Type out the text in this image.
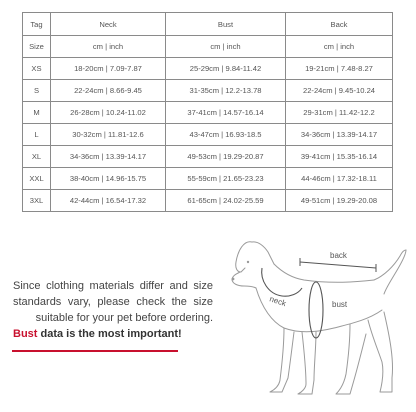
Tag	Neck	Bust	Back
Size	cm | inch	cm | inch	cm | inch
XS	18-20cm | 7.09-7.87	25-29cm | 9.84-11.42	19-21cm | 7.48-8.27
S	22-24cm | 8.66-9.45	31-35cm | 12.2-13.78	22-24cm | 9.45-10.24
M	26-28cm | 10.24-11.02	37-41cm | 14.57-16.14	29-31cm | 11.42-12.2
L	30-32cm | 11.81-12.6	43-47cm | 16.93-18.5	34-36cm | 13.39-14.17
XL	34-36cm | 13.39-14.17	49-53cm | 19.29-20.87	39-41cm | 15.35-16.14
XXL	38-40cm | 14.96-15.75	55-59cm | 21.65-23.23	44-46cm | 17.32-18.11
3XL	42-44cm | 16.54-17.32	61-65cm | 24.02-25.59	49-51cm | 19.29-20.08
Since clothing materials differ and size
standards vary, please check the size
suitable for your pet before ordering.
Bust data is the most important!
neck
back
bust
